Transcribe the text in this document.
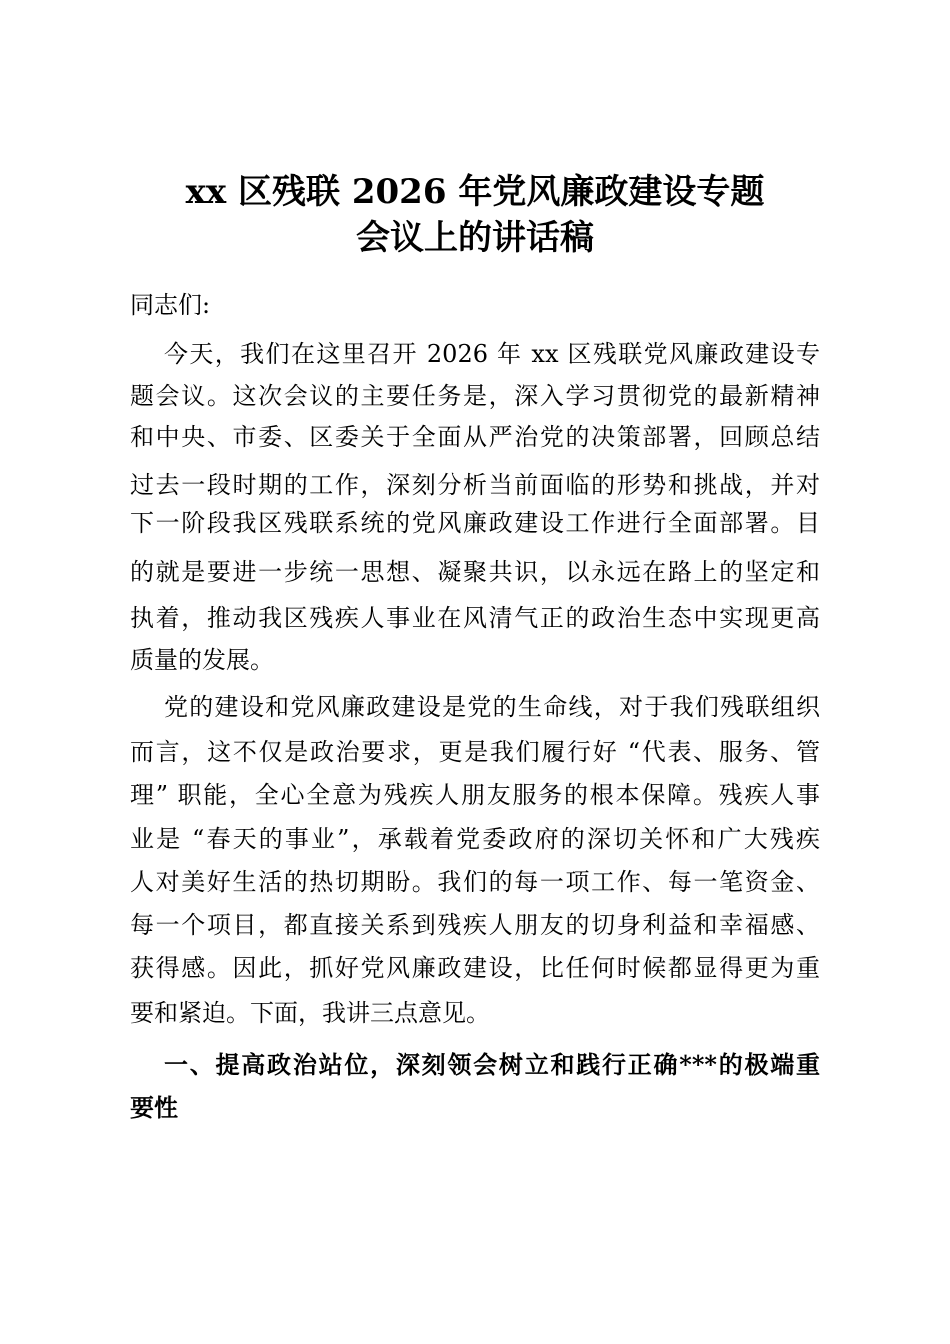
xx 区残联 2026 年党风廉政建设专题
会议上的讲话稿
同志们:
今天，我们在这里召开 2026 年 xx 区残联党风廉政建设专
题会议。这次会议的主要任务是，深入学习贯彻党的最新精神
和中央、市委、区委关于全面从严治党的决策部署，回顾总结
过去一段时期的工作，深刻分析当前面临的形势和挑战，并对
下一阶段我区残联系统的党风廉政建设工作进行全面部署。目
的就是要进一步统一思想、凝聚共识，以永远在路上的坚定和
执着，推动我区残疾人事业在风清气正的政治生态中实现更高
质量的发展。
党的建设和党风廉政建设是党的生命线，对于我们残联组织
而言，这不仅是政治要求，更是我们履行好 “代表、服务、管
理” 职能，全心全意为残疾人朋友服务的根本保障。残疾人事
业是 “春天的事业”，承载着党委政府的深切关怀和广大残疾
人对美好生活的热切期盼。我们的每一项工作、每一笔资金、
每一个项目，都直接关系到残疾人朋友的切身利益和幸福感、
获得感。因此，抓好党风廉政建设，比任何时候都显得更为重
要和紧迫。下面，我讲三点意见。
一、提高政治站位，深刻领会树立和践行正确***的极端重
要性
